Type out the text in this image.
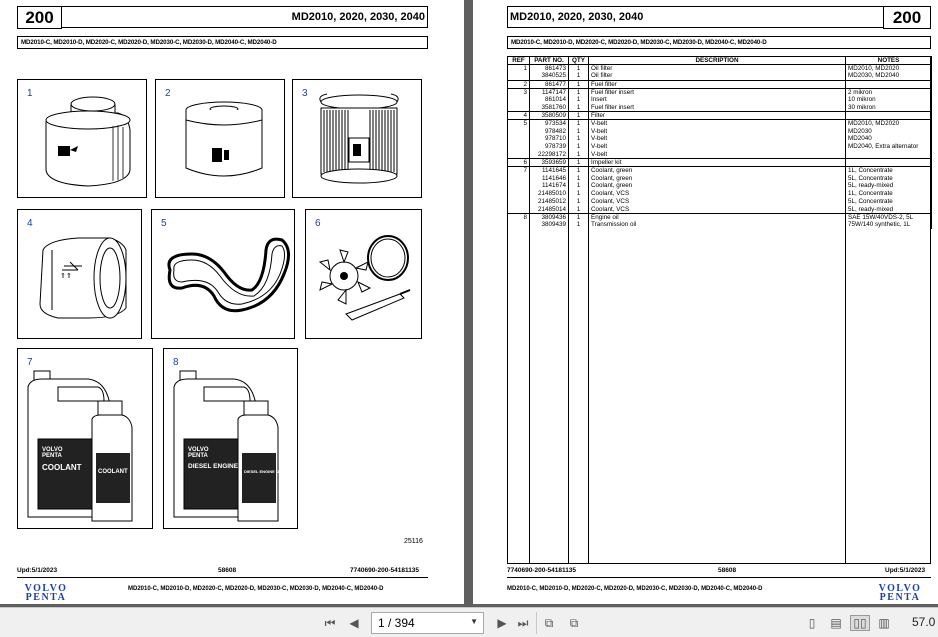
200	MD2010, 2020, 2030, 2040
MD2010-C, MD2010-D, MD2020-C, MD2020-D, MD2030-C, MD2030-D, MD2040-C, MD2040-D
1	2	3
4
⇑⇑
5	6
7
VOLVO
PENTA
COOLANT	COOLANT
8
VOLVO
PENTA
DIESEL ENGINE
DIESEL ENGINE OIL
25116
Upd:5/1/2023	58608	7740690-200-54181135
VOLVO
PENTA
MD2010-C, MD2010-D, MD2020-C, MD2020-D, MD2030-C, MD2030-D, MD2040-C, MD2040-D
MD2010, 2020, 2030, 2040	200
MD2010-C, MD2010-D, MD2020-C, MD2020-D, MD2030-C, MD2030-D, MD2040-C, MD2040-D
REF	PART NO.	QTY	DESCRIPTION	NOTES
1	861473	1	Oil filter	MD2010, MD2020
	3840525	1	Oil filter	MD2030, MD2040
2	861477	1	Fuel filter	
3	1147147	1	Fuel filter insert	2 mikron
	861014	1	Insert	10 mikron
	3581760	1	Fuel filter insert	30 mikron
4	3580509	1	Filter	
5	973534	1	V-belt	MD2010, MD2020
	978482	1	V-belt	MD2030
	978710	1	V-belt	MD2040
	978739	1	V-belt	MD2040, Extra alternator
	22298172	1	V-belt	
6	3593659	1	Impeller kit	
7	1141645	1	Coolant, green	1L, Concentrate
	1141646	1	Coolant, green	5L, Concentrate
	1141674	1	Coolant, green	5L, ready-mixed
	21485010	1	Coolant, VCS	1L, Concentrate
	21485012	1	Coolant, VCS	5L, Concentrate
	21485014	1	Coolant, VCS	5L, ready-mixed
8	3809436	1	Engine oil	SAE 15W/40VDS-2, 5L
	3809439	1	Transmission oil	75W/140 synthetic, 1L
7740690-200-54181135	58608	Upd:5/1/2023
MD2010-C, MD2010-D, MD2020-C, MD2020-D, MD2030-C, MD2030-D, MD2040-C, MD2040-D	VOLVO
PENTA
⏮ ◀ 1 / 394	▼ ▶ ⏭	⧉	⧉	▯	▤ ▯▯ ▥ 57.0
